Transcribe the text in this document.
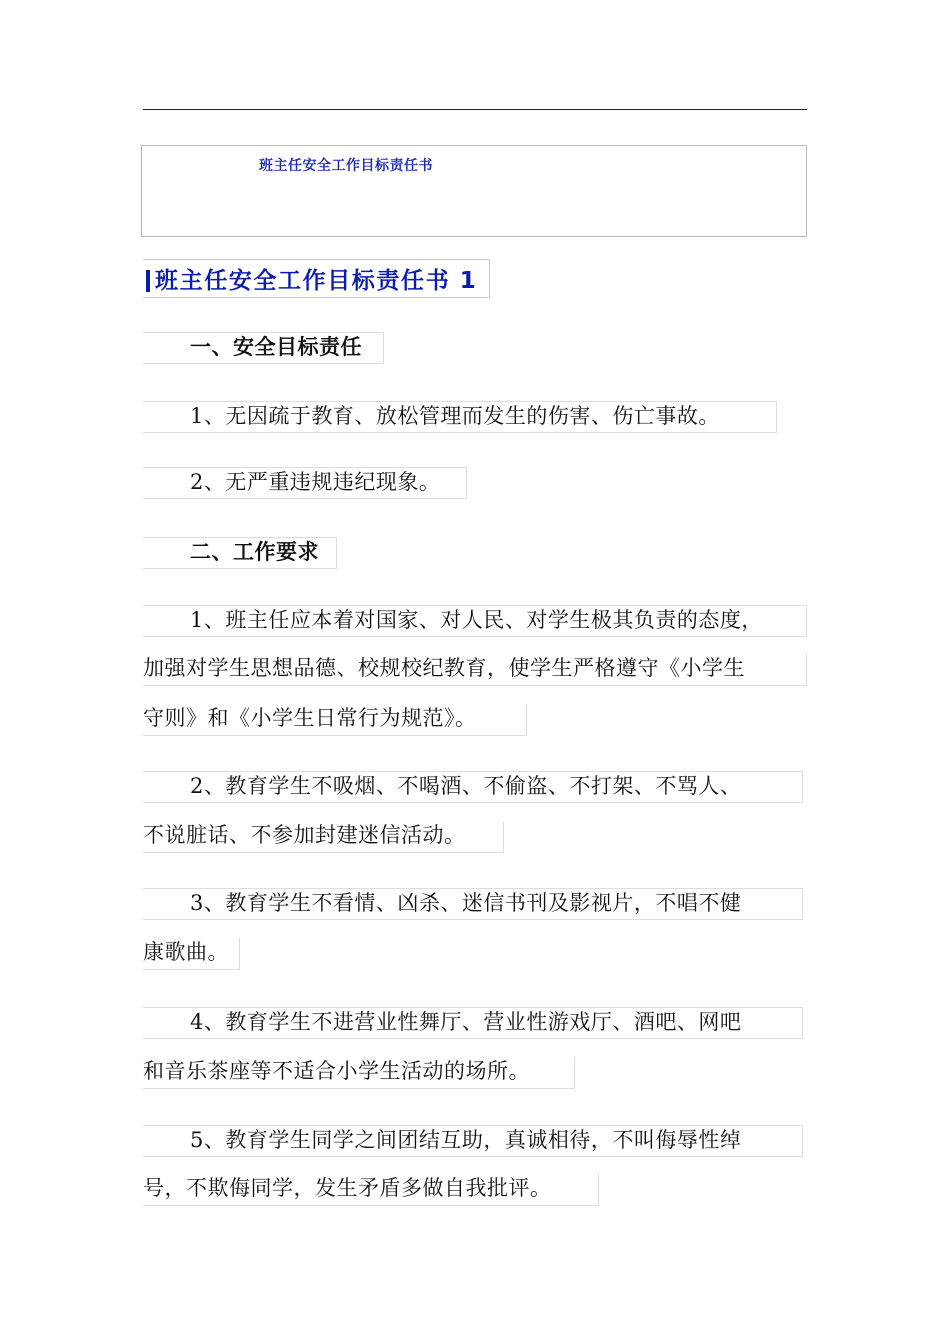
班主任安全工作目标责任书
班主任安全工作目标责任书 1
一、安全目标责任
1、无因疏于教育、放松管理而发生的伤害、伤亡事故。
2、无严重违规违纪现象。
二、工作要求
1、班主任应本着对国家、对人民、对学生极其负责的态度，
加强对学生思想品德、校规校纪教育，使学生严格遵守《小学生
守则》和《小学生日常行为规范》。
2、教育学生不吸烟、不喝酒、不偷盗、不打架、不骂人、
不说脏话、不参加封建迷信活动。
3、教育学生不看情、凶杀、迷信书刊及影视片，不唱不健
康歌曲。
4、教育学生不进营业性舞厅、营业性游戏厅、酒吧、网吧
和音乐茶座等不适合小学生活动的场所。
5、教育学生同学之间团结互助，真诚相待，不叫侮辱性绰
号，不欺侮同学，发生矛盾多做自我批评。
